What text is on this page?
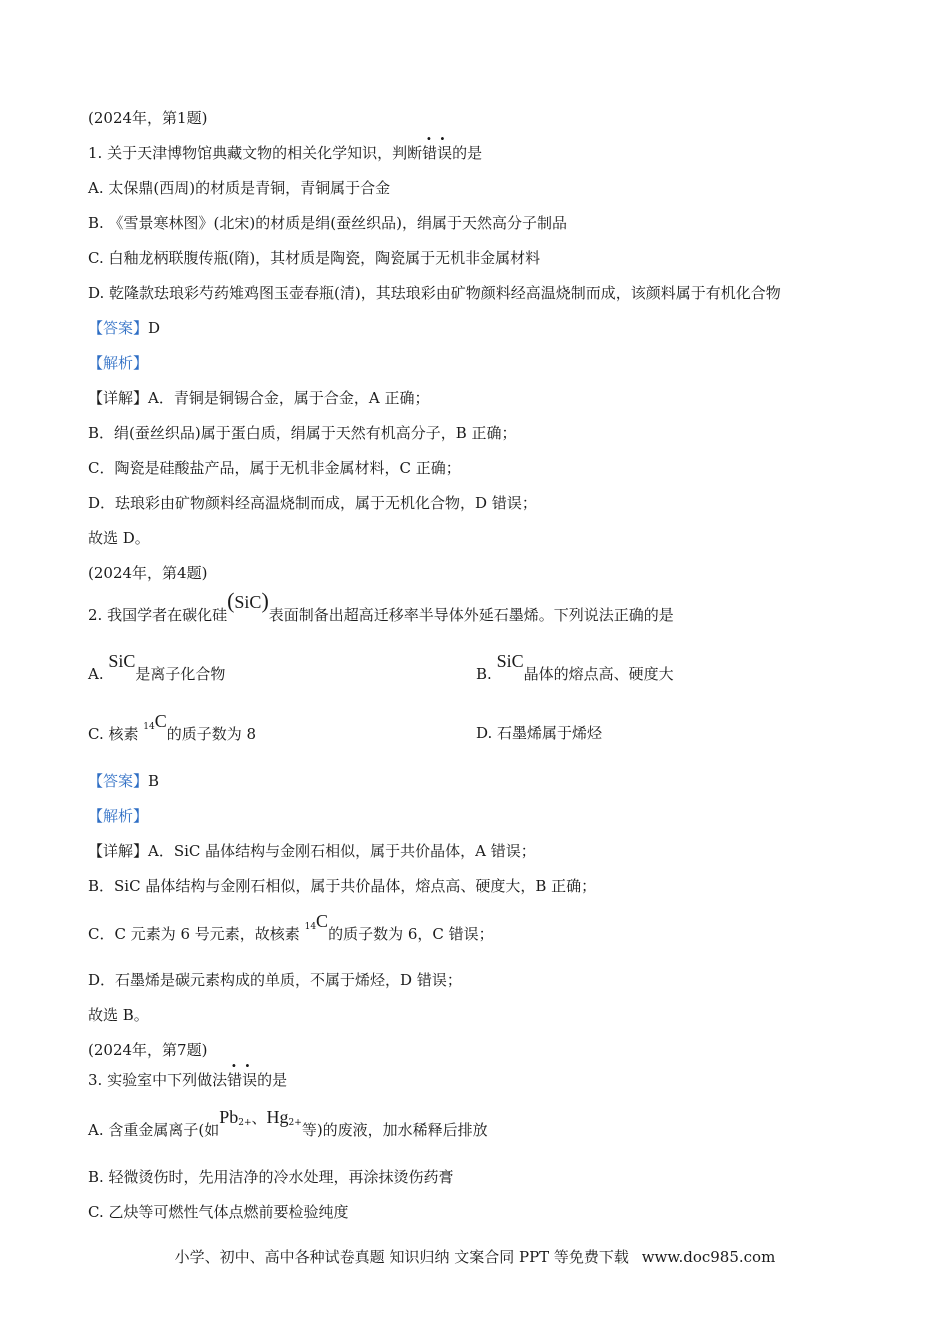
(2024年，第1题)
1. 关于天津博物馆典藏文物的相关化学知识，判断· · 错误的是
A. 太保鼎(西周)的材质是青铜，青铜属于合金
B. 《雪景寒林图》(北宋)的材质是绢(蚕丝织品)，绢属于天然高分子制品
C. 白釉龙柄联腹传瓶(隋)，其材质是陶瓷，陶瓷属于无机非金属材料
D. 乾隆款珐琅彩芍药雉鸡图玉壶春瓶(清)，其珐琅彩由矿物颜料经高温烧制而成，该颜料属于有机化合物
【答案】D
【解析】
【详解】A．青铜是铜锡合金，属于合金，A 正确；
B．绢(蚕丝织品)属于蛋白质，绢属于天然有机高分子，B 正确；
C．陶瓷是硅酸盐产品，属于无机非金属材料，C 正确；
D．珐琅彩由矿物颜料经高温烧制而成，属于无机化合物，D 错误；
故选 D。
(2024年，第4题)
2. 我国学者在碳化硅(SiC)表面制备出超高迁移率半导体外延石墨烯。下列说法正确的是
A. SiC是离子化合物	B. SiC晶体的熔点高、硬度大
C. 核素 $^{14}$C的质子数为 8	D. 石墨烯属于烯烃
【答案】B
【解析】
【详解】A．SiC 晶体结构与金刚石相似，属于共价晶体，A 错误；
B．SiC 晶体结构与金刚石相似，属于共价晶体，熔点高、硬度大，B 正确；
C．C 元素为 6 号元素，故核素 $^{14}$C的质子数为 6，C 错误；
D．石墨烯是碳元素构成的单质，不属于烯烃，D 错误；
故选 B。
(2024年，第7题)
3. 实验室中下列做法· · 错误的是
A. 含重金属离子(如$Pb^{2+}$、$Hg^{2+}$等)的废液，加水稀释后排放
B. 轻微烫伤时，先用洁净的冷水处理，再涂抹烫伤药膏
C. 乙炔等可燃性气体点燃前要检验纯度
小学、初中、高中各种试卷真题 知识归纳 文案合同 PPT 等免费下载 www.doc985.com
